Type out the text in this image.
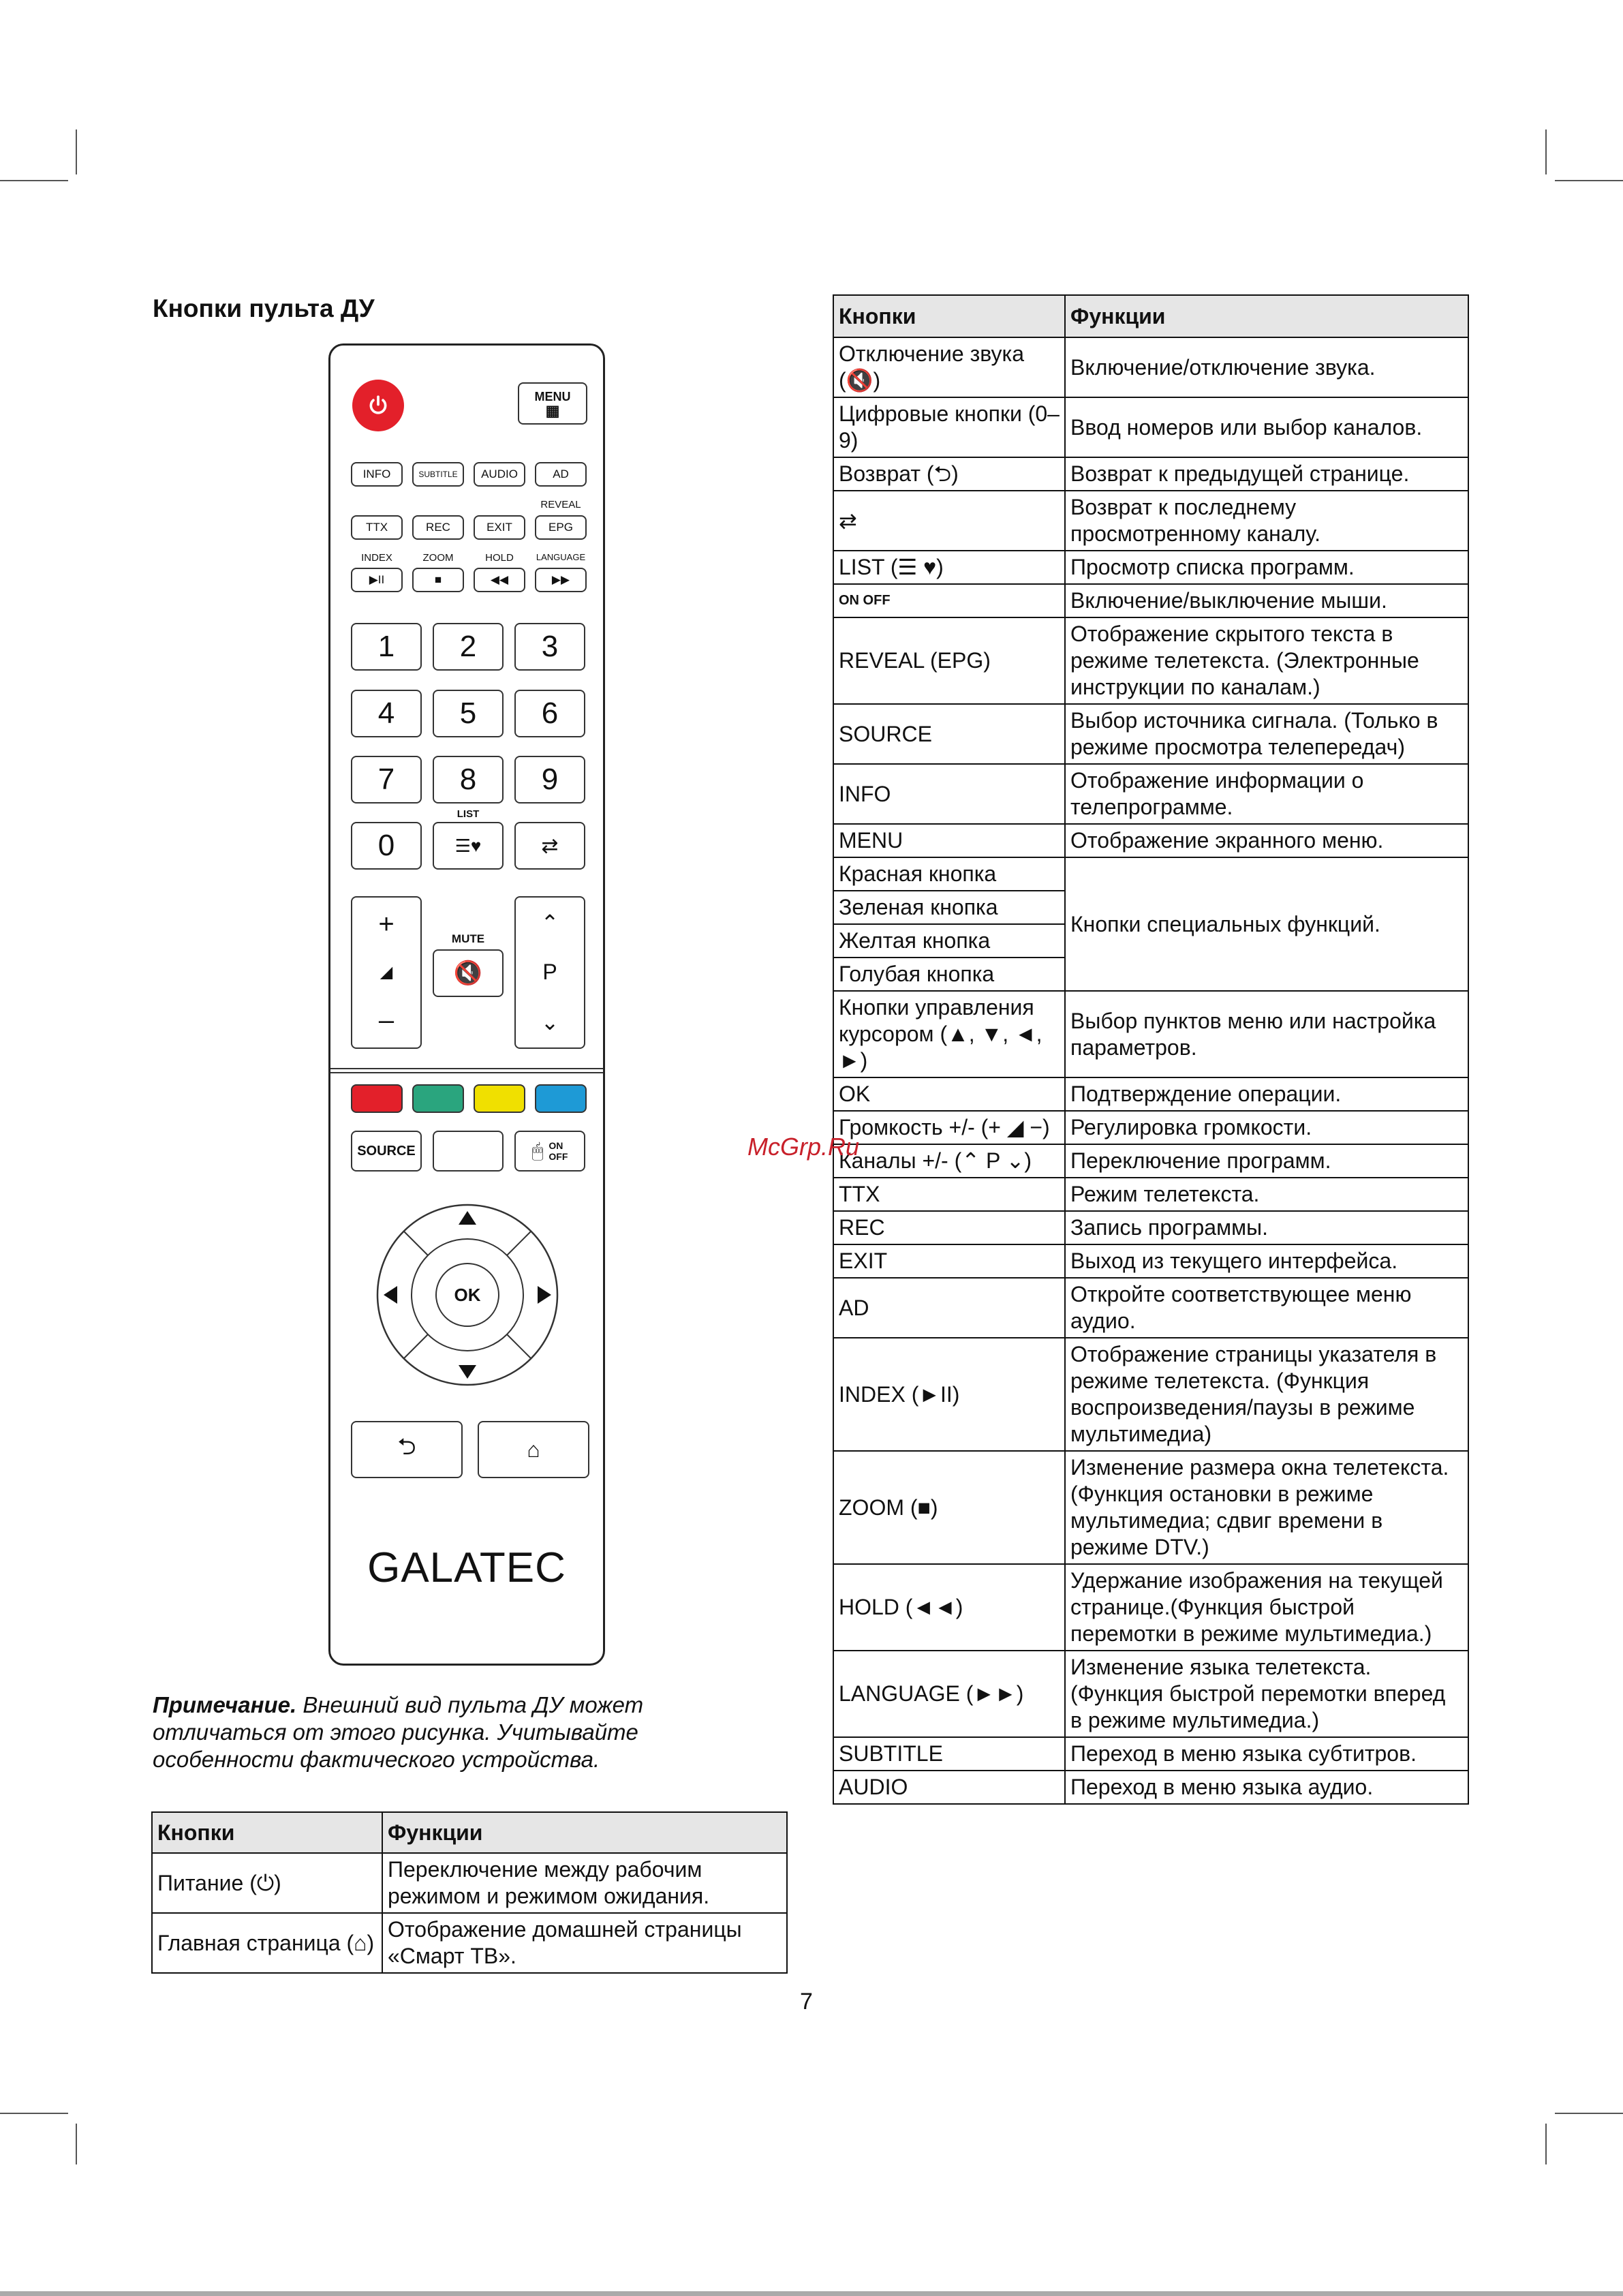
Кнопки пульта ДУ
MENU
▦
INFO	SUBTITLE	AUDIO	AD
REVEAL
TTX	REC	EXIT	EPG
INDEX	ZOOM	HOLD	LANGUAGE
▶II	■	◀◀	▶▶
1	2	3
4	5	6
7	8	9
LIST
0	☰♥	⇄
+
◢
–
MUTE
🔇
⌃
P
⌄
SOURCE	🖱 ON
OFF
OK
⮌	⌂
GALATEC
Примечание. Внешний вид пульта ДУ может отличаться от этого рисунка. Учитывайте особенности фактического устройства.
Кнопки	Функции
Питание (⏻)	Переключение между рабочим режимом и режимом ожидания.
Главная страница (⌂)	Отображение домашней страницы «Смарт ТВ».
Кнопки	Функции
Отключение звука (🔇)	Включение/отключение звука.
Цифровые кнопки (0–9)	Ввод номеров или выбор каналов.
Возврат (⮌)	Возврат к предыдущей странице.
⇄	Возврат к последнему просмотренному каналу.
LIST (☰ ♥)	Просмотр списка программ.
ON OFF	Включение/выключение мыши.
REVEAL (EPG)	Отображение скрытого текста в режиме телетекста. (Электронные инструкции по каналам.)
SOURCE	Выбор источника сигнала. (Только в режиме просмотра телепередач)
INFO	Отображение информации о телепрограмме.
MENU	Отображение экранного меню.
Красная кнопка	Кнопки специальных функций.
Зеленая кнопка	
Желтая кнопка	
Голубая кнопка	
Кнопки управления курсором (▲, ▼, ◄, ►)	Выбор пунктов меню или настройка параметров.
OK	Подтверждение операции.
Громкость +/- (+ ◢ −)	Регулировка громкости.
Каналы +/- (⌃ P ⌄)	Переключение программ.
TTX	Режим телетекста.
REC	Запись программы.
EXIT	Выход из текущего интерфейса.
AD	Откройте соответствующее меню аудио.
INDEX (►II)	Отображение страницы указателя в режиме телетекста. (Функция воспроизведения/паузы в режиме мультимедиа)
ZOOM (■)	Изменение размера окна телетекста. (Функция остановки в режиме мультимедиа; сдвиг времени в режиме DTV.)
HOLD (◄◄)	Удержание изображения на текущей странице.(Функция быстрой перемотки в режиме мультимедиа.)
LANGUAGE (►►)	Изменение языка телетекста. (Функция быстрой перемотки вперед в режиме мультимедиа.)
SUBTITLE	Переход в меню языка субтитров.
AUDIO	Переход в меню языка аудио.
McGrp.Ru
7
